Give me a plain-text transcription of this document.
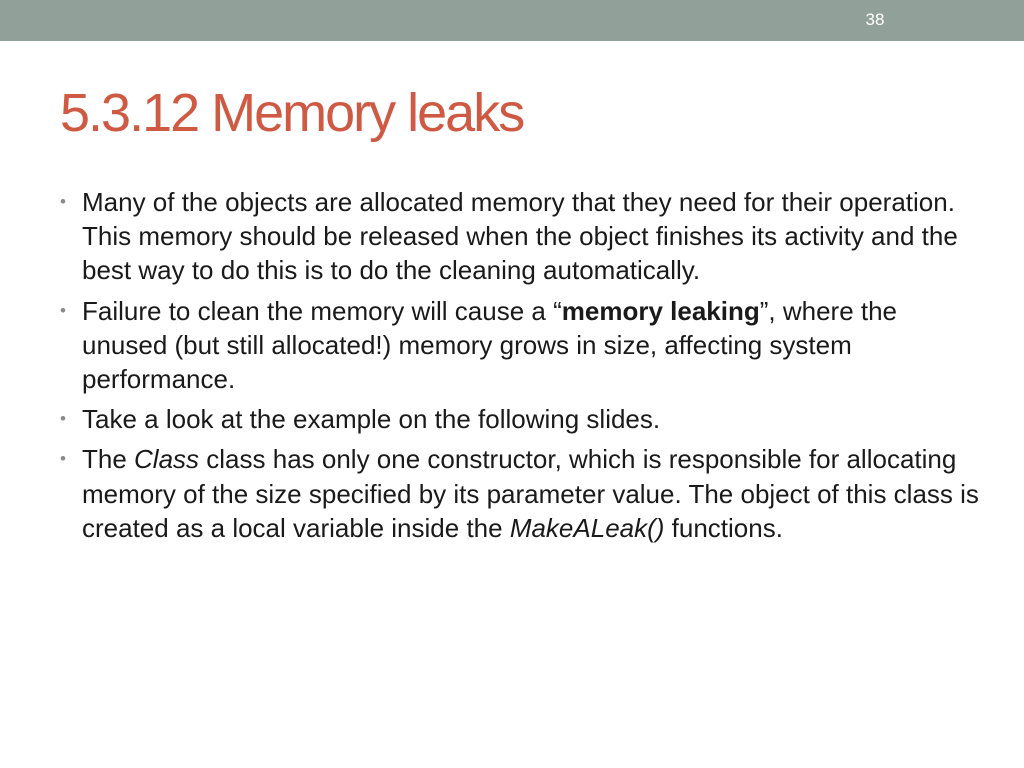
38
5.3.12 Memory leaks
• Many of the objects are allocated memory that they need for their operation. This memory should be released when the object finishes its activity and the best way to do this is to do the cleaning automatically.
• Failure to clean the memory will cause a “memory leaking”, where the unused (but still allocated!) memory grows in size, affecting system performance.
• Take a look at the example on the following slides.
• The Class class has only one constructor, which is responsible for allocating memory of the size specified by its parameter value. The object of this class is created as a local variable inside the MakeALeak() functions.
